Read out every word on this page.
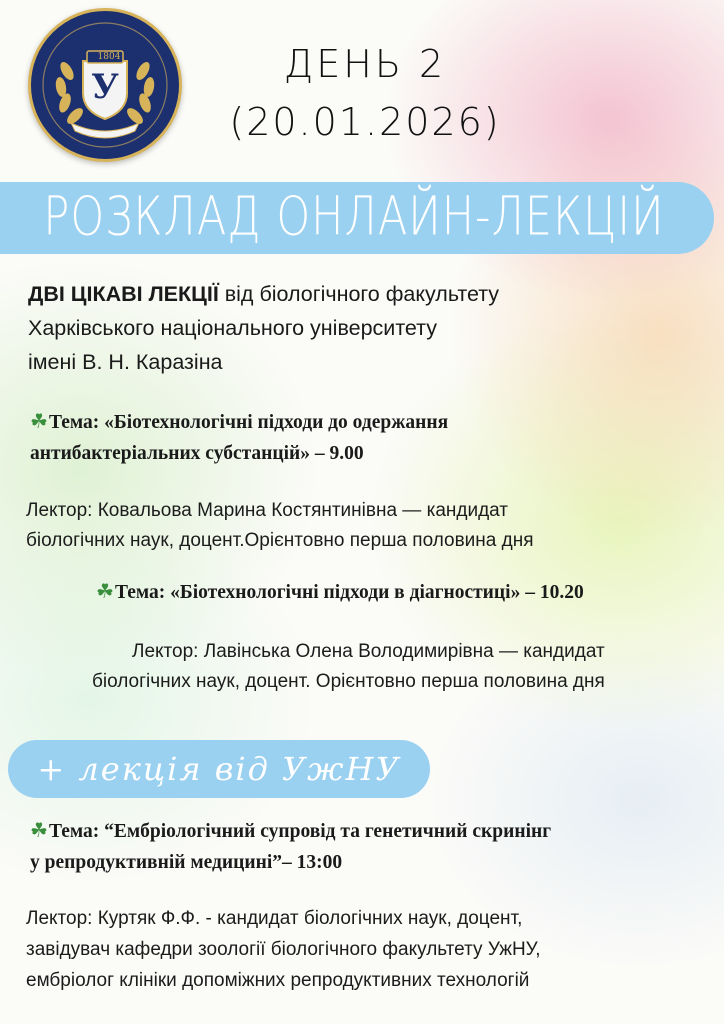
1804
У
ДЕНЬ 2
(20.01.2026)
РОЗКЛАД ОНЛАЙН-ЛЕКЦІЙ
ДВІ ЦІКАВІ ЛЕКЦІЇ від біологічного факультету
Харківського національного університету
імені В. Н. Каразіна
☘Тема: «Біотехнологічні підходи до одержання
антибактеріальних субстанцій» – 9.00
Лектор: Ковальова Марина Костянтинівна — кандидат
біологічних наук, доцент.Орієнтовно перша половина дня
☘Тема: «Біотехнологічні підходи в діагностиці» – 10.20
Лектор: Лавінська Олена Володимирівна — кандидат
біологічних наук, доцент. Орієнтовно перша половина дня
+ лекція від УжНУ
☘Тема: “Ембріологічний супровід та генетичний скринінг
у репродуктивній медицині”– 13:00
Лектор: Куртяк Ф.Ф. - кандидат біологічних наук, доцент,
завідувач кафедри зоології біологічного факультету УжНУ,
ембріолог клініки допоміжних репродуктивних технологій
